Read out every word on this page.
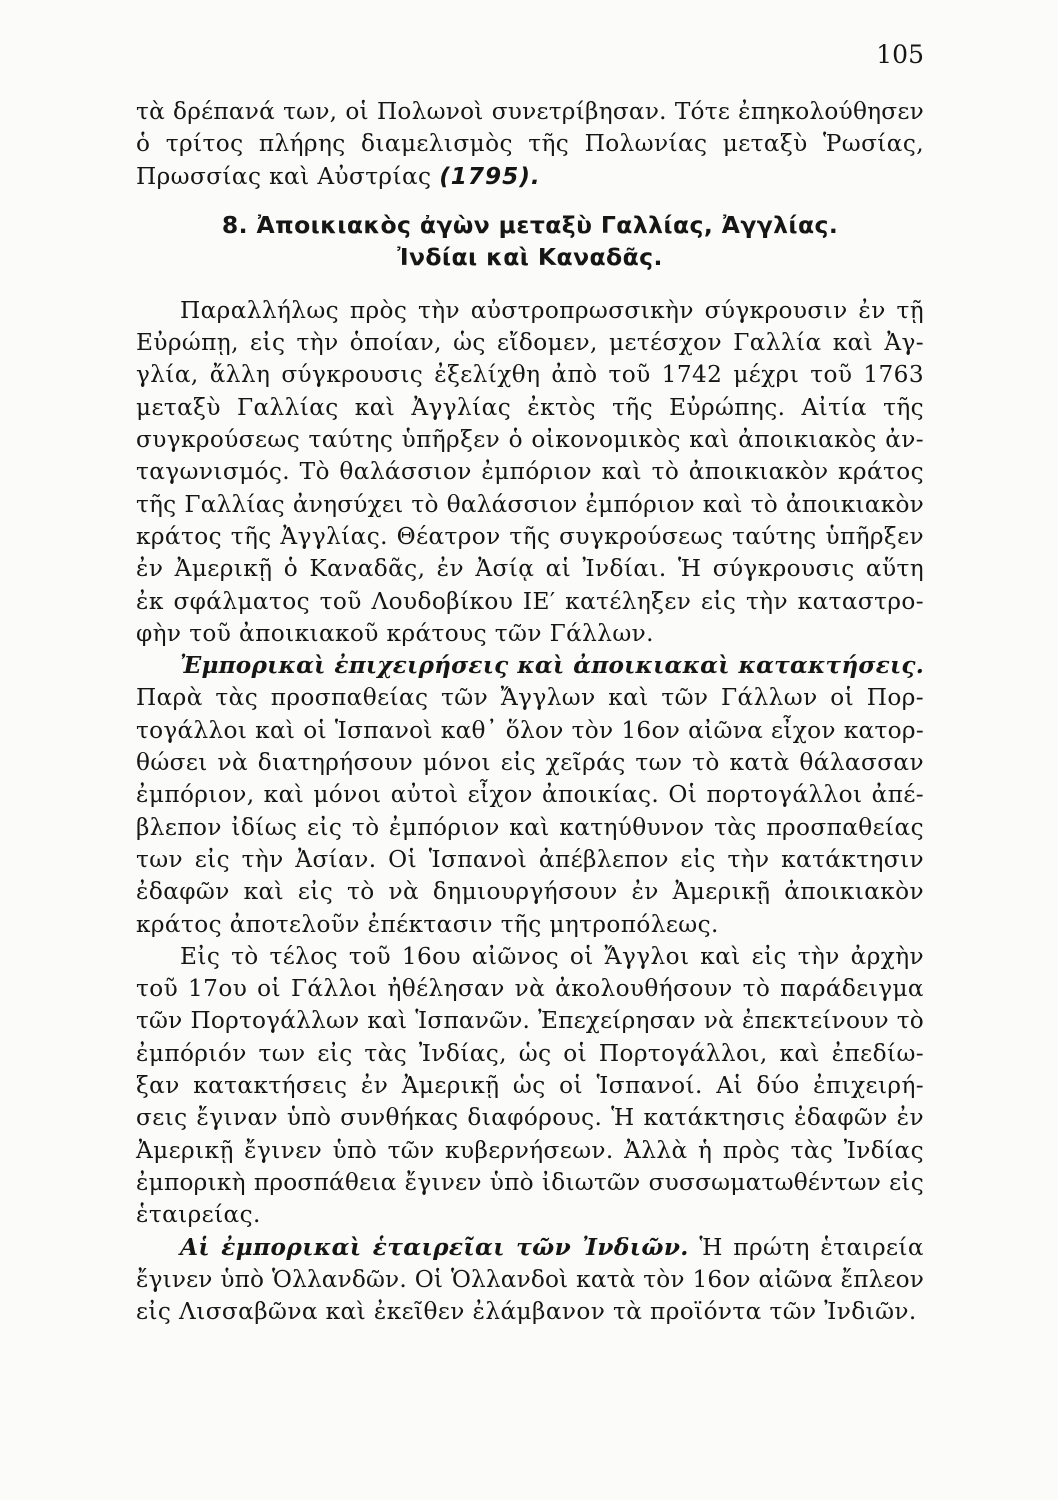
105
τὰ δρέπανά των, οἱ Πολωνοὶ συνετρίβησαν. Τότε ἐπηκολούθησεν
ὁ τρίτος πλήρης διαμελισμὸς τῆς Πολωνίας μεταξὺ Ῥωσίας,
Πρωσσίας καὶ Αὐστρίας (1795).
8. Ἀποικιακὸς ἀγὼν μεταξὺ Γαλλίας, Ἀγγλίας.
Ἰνδίαι καὶ Καναδᾶς.
Παραλλήλως πρὸς τὴν αὐστροπρωσσικὴν σύγκρουσιν ἐν τῇ
Εὐρώπῃ, εἰς τὴν ὁποίαν, ὡς εἴδομεν, μετέσχον Γαλλία καὶ Ἀγ-
γλία, ἄλλη σύγκρουσις ἐξελίχθη ἀπὸ τοῦ 1742 μέχρι τοῦ 1763
μεταξὺ Γαλλίας καὶ Ἀγγλίας ἐκτὸς τῆς Εὐρώπης. Αἰτία τῆς
συγκρούσεως ταύτης ὑπῆρξεν ὁ οἰκονομικὸς καὶ ἀποικιακὸς ἀν-
ταγωνισμός. Τὸ θαλάσσιον ἐμπόριον καὶ τὸ ἀποικιακὸν κράτος
τῆς Γαλλίας ἀνησύχει τὸ θαλάσσιον ἐμπόριον καὶ τὸ ἀποικιακὸν
κράτος τῆς Ἀγγλίας. Θέατρον τῆς συγκρούσεως ταύτης ὑπῆρξεν
ἐν Ἀμερικῇ ὁ Καναδᾶς, ἐν Ἀσίᾳ αἱ Ἰνδίαι. Ἡ σύγκρουσις αὕτη
ἐκ σφάλματος τοῦ Λουδοβίκου ΙΕ′ κατέληξεν εἰς τὴν καταστρο-
φὴν τοῦ ἀποικιακοῦ κράτους τῶν Γάλλων.
Ἐμπορικαὶ ἐπιχειρήσεις καὶ ἀποικιακαὶ κατακτήσεις.
Παρὰ τὰς προσπαθείας τῶν Ἄγγλων καὶ τῶν Γάλλων οἱ Πορ-
τογάλλοι καὶ οἱ Ἱσπανοὶ καθ᾽ ὅλον τὸν 16ον αἰῶνα εἶχον κατορ-
θώσει νὰ διατηρήσουν μόνοι εἰς χεῖράς των τὸ κατὰ θάλασσαν
ἐμπόριον, καὶ μόνοι αὐτοὶ εἶχον ἀποικίας. Οἱ πορτογάλλοι ἀπέ-
βλεπον ἰδίως εἰς τὸ ἐμπόριον καὶ κατηύθυνον τὰς προσπαθείας
των εἰς τὴν Ἀσίαν. Οἱ Ἱσπανοὶ ἀπέβλεπον εἰς τὴν κατάκτησιν
ἐδαφῶν καὶ εἰς τὸ νὰ δημιουργήσουν ἐν Ἀμερικῇ ἀποικιακὸν
κράτος ἀποτελοῦν ἐπέκτασιν τῆς μητροπόλεως.
Εἰς τὸ τέλος τοῦ 16ου αἰῶνος οἱ Ἄγγλοι καὶ εἰς τὴν ἀρχὴν
τοῦ 17ου οἱ Γάλλοι ἠθέλησαν νὰ ἀκολουθήσουν τὸ παράδειγμα
τῶν Πορτογάλλων καὶ Ἱσπανῶν. Ἐπεχείρησαν νὰ ἐπεκτείνουν τὸ
ἐμπόριόν των εἰς τὰς Ἰνδίας, ὡς οἱ Πορτογάλλοι, καὶ ἐπεδίω-
ξαν κατακτήσεις ἐν Ἀμερικῇ ὡς οἱ Ἱσπανοί. Αἱ δύο ἐπιχειρή-
σεις ἔγιναν ὑπὸ συνθήκας διαφόρους. Ἡ κατάκτησις ἐδαφῶν ἐν
Ἀμερικῇ ἔγινεν ὑπὸ τῶν κυβερνήσεων. Ἀλλὰ ἡ πρὸς τὰς Ἰνδίας
ἐμπορικὴ προσπάθεια ἔγινεν ὑπὸ ἰδιωτῶν συσσωματωθέντων εἰς
ἑταιρείας.
Αἱ ἐμπορικαὶ ἑταιρεῖαι τῶν Ἰνδιῶν. Ἡ πρώτη ἑταιρεία
ἔγινεν ὑπὸ Ὁλλανδῶν. Οἱ Ὁλλανδοὶ κατὰ τὸν 16ον αἰῶνα ἔπλεον
εἰς Λισσαβῶνα καὶ ἐκεῖθεν ἐλάμβανον τὰ προϊόντα τῶν Ἰνδιῶν.
